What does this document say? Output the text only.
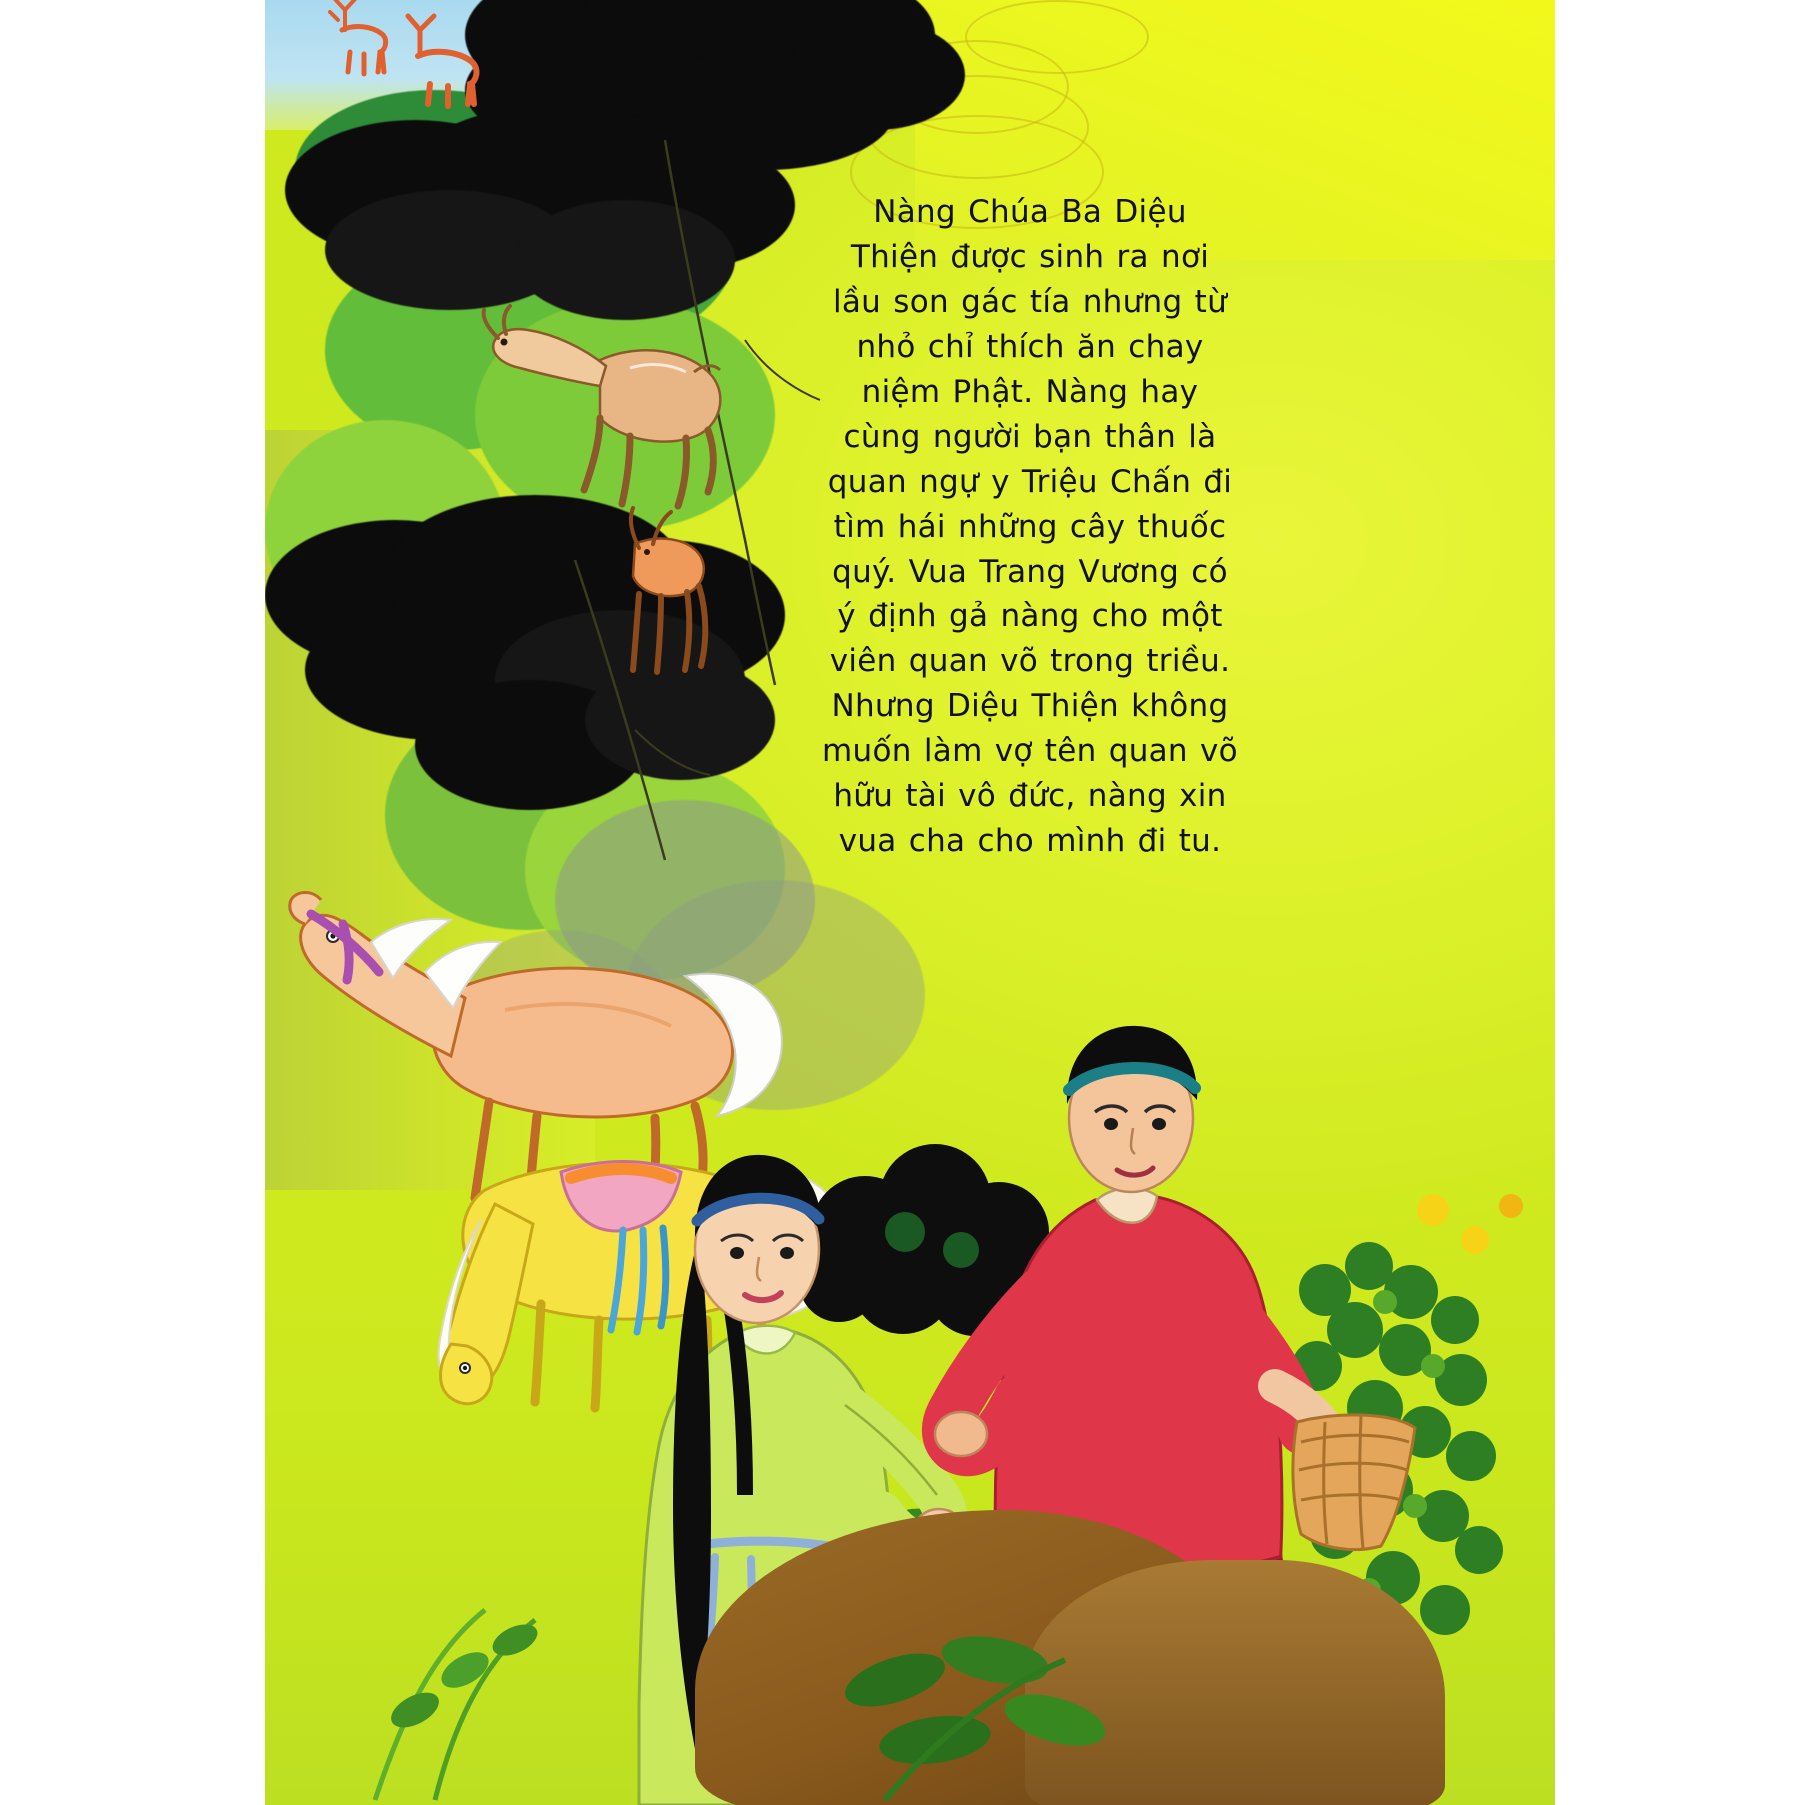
Nàng Chúa Ba Diệu

Thiện được sinh ra nơi

lầu son gác tía nhưng từ

nhỏ chỉ thích ăn chay

niệm Phật. Nàng hay

cùng người bạn thân là

quan ngự y Triệu Chấn đi

tìm hái những cây thuốc

quý. Vua Trang Vương có

ý định gả nàng cho một

viên quan võ trong triều.

Nhưng Diệu Thiện không

muốn làm vợ tên quan võ

hữu tài vô đức, nàng xin

vua cha cho mình đi tu.
